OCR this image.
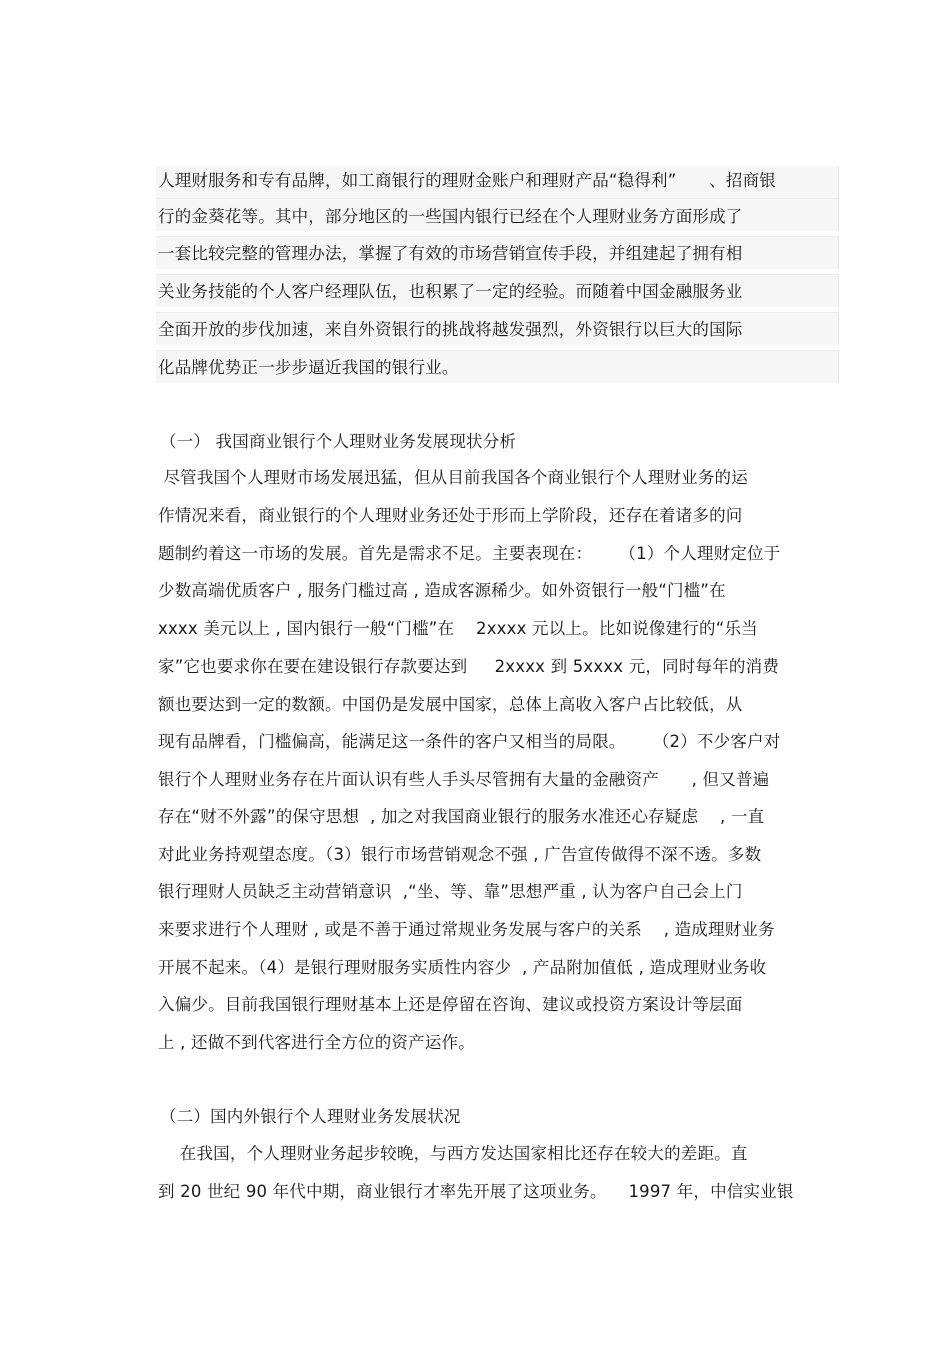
人理财服务和专有品牌，如工商银行的理财金账户和理财产品“稳得利”      、招商银
行的金葵花等。其中，部分地区的一些国内银行已经在个人理财业务方面形成了
一套比较完整的管理办法，掌握了有效的市场营销宣传手段，并组建起了拥有相
关业务技能的个人客户经理队伍，也积累了一定的经验。而随着中国金融服务业
全面开放的步伐加速，来自外资银行的挑战将越发强烈，外资银行以巨大的国际
化品牌优势正一步步逼近我国的银行业。
（一） 我国商业银行个人理财业务发展现状分析
尽管我国个人理财市场发展迅猛，但从目前我国各个商业银行个人理财业务的运
作情况来看，商业银行的个人理财业务还处于形而上学阶段，还存在着诸多的问
题制约着这一市场的发展。首先是需求不足。主要表现在：     （1）个人理财定位于
少数高端优质客户 , 服务门槛过高 , 造成客源稀少。如外资银行一般“门槛”在
xxxx 美元以上 , 国内银行一般“门槛”在    2xxxx 元以上。比如说像建行的“乐当
家”它也要求你在要在建设银行存款要达到     2xxxx 到 5xxxx 元，同时每年的消费
额也要达到一定的数额。中国仍是发展中国家，总体上高收入客户占比较低，从
现有品牌看，门槛偏高，能满足这一条件的客户又相当的局限。     （2）不少客户对
银行个人理财业务存在片面认识有些人手头尽管拥有大量的金融资产      , 但又普遍
存在“财不外露”的保守思想  , 加之对我国商业银行的服务水准还心存疑虑    , 一直
对此业务持观望态度。（3）银行市场营销观念不强 , 广告宣传做得不深不透。多数
银行理财人员缺乏主动营销意识  ,“坐、等、靠”思想严重 , 认为客户自己会上门
来要求进行个人理财 , 或是不善于通过常规业务发展与客户的关系    , 造成理财业务
开展不起来。（4）是银行理财服务实质性内容少  , 产品附加值低 , 造成理财业务收
入偏少。目前我国银行理财基本上还是停留在咨询、建议或投资方案设计等层面
上 , 还做不到代客进行全方位的资产运作。
（二）国内外银行个人理财业务发展状况
在我国，个人理财业务起步较晚，与西方发达国家相比还存在较大的差距。直
到 20 世纪 90 年代中期，商业银行才率先开展了这项业务。    1997 年，中信实业银
